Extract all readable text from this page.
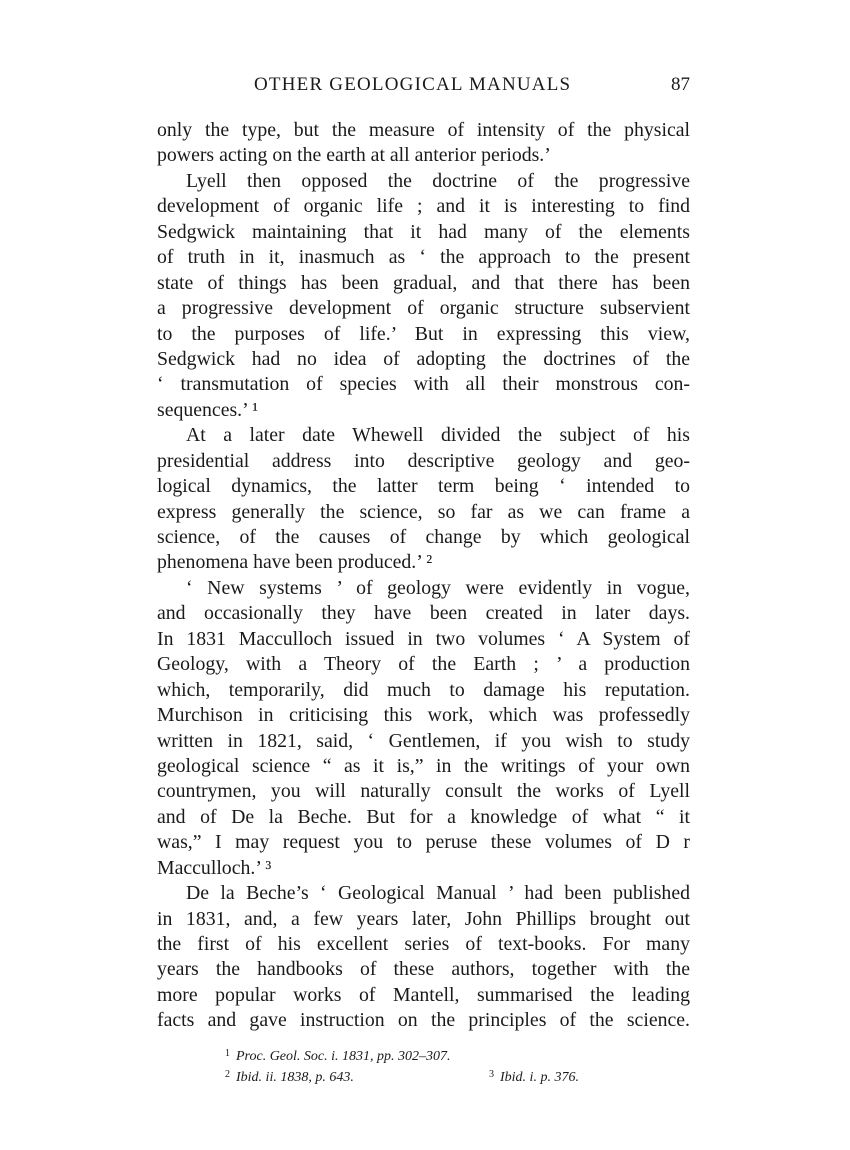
OTHER GEOLOGICAL MANUALS	87
only the type, but the measure of intensity of the physical
powers acting on the earth at all anterior periods.’
Lyell then opposed the doctrine of the progressive
development of organic life ; and it is interesting to find
Sedgwick maintaining that it had many of the elements
of truth in it, inasmuch as ‘ the approach to the present
state of things has been gradual, and that there has been
a progressive development of organic structure subservient
to the purposes of life.’ But in expressing this view,
Sedgwick had no idea of adopting the doctrines of the
‘ transmutation of species with all their monstrous con-
sequences.’ ¹
At a later date Whewell divided the subject of his
presidential address into descriptive geology and geo-
logical dynamics, the latter term being ‘ intended to
express generally the science, so far as we can frame a
science, of the causes of change by which geological
phenomena have been produced.’ ²
‘ New systems ’ of geology were evidently in vogue,
and occasionally they have been created in later days.
In 1831 Macculloch issued in two volumes ‘ A System of
Geology, with a Theory of the Earth ; ’ a production
which, temporarily, did much to damage his reputation.
Murchison in criticising this work, which was professedly
written in 1821, said, ‘ Gentlemen, if you wish to study
geological science “ as it is,” in the writings of your own
countrymen, you will naturally consult the works of Lyell
and of De la Beche. But for a knowledge of what “ it
was,” I may request you to peruse these volumes of D r
Macculloch.’ ³
De la Beche’s ‘ Geological Manual ’ had been published
in 1831, and, a few years later, John Phillips brought out
the first of his excellent series of text-books. For many
years the handbooks of these authors, together with the
more popular works of Mantell, summarised the leading
facts and gave instruction on the principles of the science.
$^1$ Proc. Geol. Soc. i. 1831, pp. 302–307.
$^2$ Ibid. ii. 1838, p. 643.	$^3$ Ibid. i. p. 376.
